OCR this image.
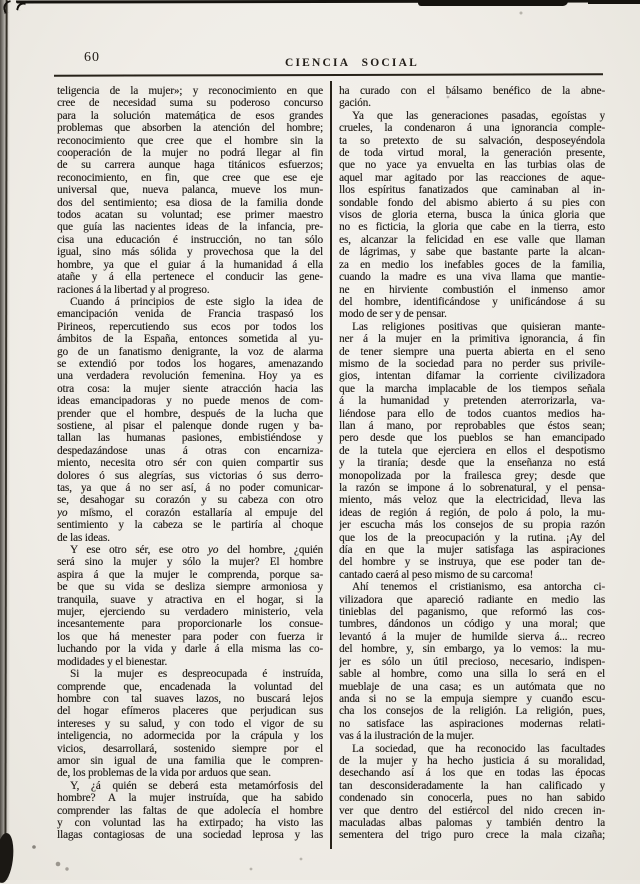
60	CIENCIA SOCIAL

teligencia de la mujer»; y reconocimiento en que
cree de necesidad suma su poderoso concurso
para la solución matemática de esos grandes
problemas que absorben la atención del hombre;
reconocimiento que cree que el hombre sin la
cooperación de la mujer no podrá llegar al fin
de su carrera aunque haga titánicos esfuerzos;
reconocimiento, en fin, que cree que ese eje
universal que, nueva palanca, mueve los mun-
dos del sentimiento; esa diosa de la familia donde
todos acatan su voluntad; ese primer maestro
que guía las nacientes ideas de la infancia, pre-
cisa una educación é instrucción, no tan sólo
igual, sino más sólida y provechosa que la del
hombre, ya que el guiar á la humanidad á ella
atañe y á ella pertenece el conducir las gene-
raciones á la libertad y al progreso.

Cuando á principios de este siglo la idea de
emancipación venida de Francia traspasó los
Pirineos, repercutiendo sus ecos por todos los
ámbitos de la España, entonces sometida al yu-
go de un fanatismo denigrante, la voz de alarma
se extendió por todos los hogares, amenazando
una verdadera revolución femenina. Hoy ya es
otra cosa: la mujer siente atracción hacia las
ideas emancipadoras y no puede menos de com-
prender que el hombre, después de la lucha que
sostiene, al pisar el palenque donde rugen y ba-
tallan las humanas pasiones, embistiéndose y
despedazándose unas á otras con encarniza-
miento, necesita otro sér con quien compartir sus
dolores ó sus alegrías, sus victorias ó sus derro-
tas, ya que á no ser así, á no poder comunicar-
se, desahogar su corazón y su cabeza con otro
yo mismo, el corazón estallaría al empuje del
sentimiento y la cabeza se le partiría al choque
de las ideas.

Y ese otro sér, ese otro yo del hombre, ¿quién
será sino la mujer y sólo la mujer? El hombre
aspira á que la mujer le comprenda, porque sa-
be que su vida se desliza siempre armoniosa y
tranquila, suave y atractiva en el hogar, si la
mujer, ejerciendo su verdadero ministerio, vela
incesantemente para proporcionarle los consue-
los que há menester para poder con fuerza ir
luchando por la vida y darle á ella misma las co-
modidades y el bienestar.

Si la mujer es despreocupada é instruída,
comprende que, encadenada la voluntad del
hombre con tal suaves lazos, no buscará lejos
del hogar efímeros placeres que perjudican sus
intereses y su salud, y con todo el vigor de su
inteligencia, no adormecida por la crápula y los
vicios, desarrollará, sostenido siempre por el
amor sin igual de una familia que le compren-
de, los problemas de la vida por arduos que sean.

Y, ¿á quién se deberá esta metamórfosis del
hombre? A la mujer instruída, que ha sabido
comprender las faltas de que adolecía el hombre
y con voluntad las ha extirpado; ha visto las
llagas contagiosas de una sociedad leprosa y las

ha curado con el bálsamo benéfico de la abne-
gación.

Ya que las generaciones pasadas, egoístas y
crueles, la condenaron á una ignorancia comple-
ta so pretexto de su salvación, desposeyéndola
de toda virtud moral, la generación presente,
que no yace ya envuelta en las turbias olas de
aquel mar agitado por las reacciones de aque-
llos espíritus fanatizados que caminaban al in-
sondable fondo del abismo abierto á su pies con
visos de gloria eterna, busca la única gloria que
no es ficticia, la gloria que cabe en la tierra, esto
es, alcanzar la felicidad en ese valle que llaman
de lágrimas, y sabe que bastante parte la alcan-
za en medio los inefables goces de la familia,
cuando la madre es una viva llama que mantie-
ne en hirviente combustión el inmenso amor
del hombre, identificándose y unificándose á su
modo de ser y de pensar.

Las religiones positivas que quisieran mante-
ner á la mujer en la primitiva ignorancia, á fin
de tener siempre una puerta abierta en el seno
mismo de la sociedad para no perder sus privile-
gios, intentan difamar la corriente civilizadora
que la marcha implacable de los tiempos señala
á la humanidad y pretenden aterrorizarla, va-
liéndose para ello de todos cuantos medios ha-
llan á mano, por reprobables que éstos sean;
pero desde que los pueblos se han emancipado
de la tutela que ejerciera en ellos el despotismo
y la tiranía; desde que la enseñanza no está
monopolizada por la frailesca grey; desde que
la razón se impone á lo sobrenatural, y el pensa-
miento, más veloz que la electricidad, lleva las
ideas de región á región, de polo á polo, la mu-
jer escucha más los consejos de su propia razón
que los de la preocupación y la rutina. ¡Ay del
día en que la mujer satisfaga las aspiraciones
del hombre y se instruya, que ese poder tan de-
cantado caerá al peso mismo de su carcoma!

Ahí tenemos el cristianismo, esa antorcha ci-
vilizadora que apareció radiante en medio las
tinieblas del paganismo, que reformó las cos-
tumbres, dándonos un código y una moral; que
levantó á la mujer de humilde sierva á... recreo
del hombre, y, sin embargo, ya lo vemos: la mu-
jer es sólo un útil precioso, necesario, indispen-
sable al hombre, como una silla lo será en el
mueblaje de una casa; es un autómata que no
anda si no se la empuja siempre y cuando escu-
cha los consejos de la religión. La religión, pues,
no satisface las aspiraciones modernas relati-
vas á la ilustración de la mujer.

La sociedad, que ha reconocido las facultades
de la mujer y ha hecho justicia á su moralidad,
desechando así á los que en todas las épocas
tan desconsideradamente la han calificado y
condenado sin conocerla, pues no han sabido
ver que dentro del estiércol del nido crecen in-
maculadas albas palomas y también dentro la
sementera del trigo puro crece la mala cizaña;
